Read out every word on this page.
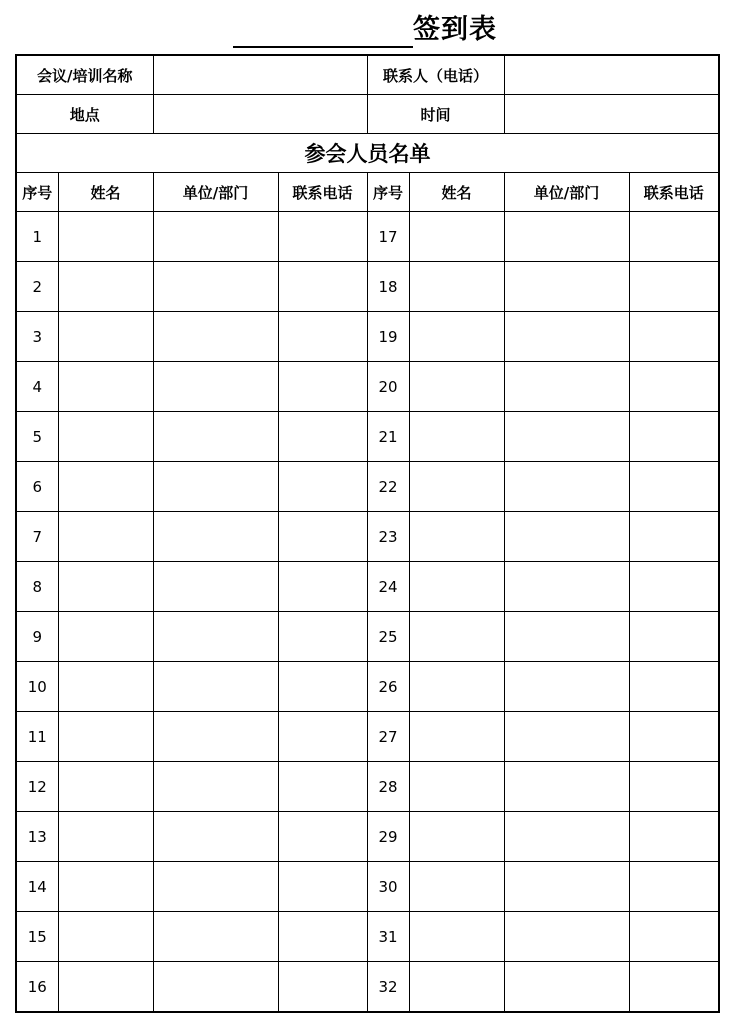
签到表
会议/培训名称				联系人（电话）			
地点				时间			
参会人员名单							
序号	姓名	单位/部门	联系电话	序号	姓名	单位/部门	联系电话
1				17			
2				18			
3				19			
4				20			
5				21			
6				22			
7				23			
8				24			
9				25			
10				26			
11				27			
12				28			
13				29			
14				30			
15				31			
16				32			
